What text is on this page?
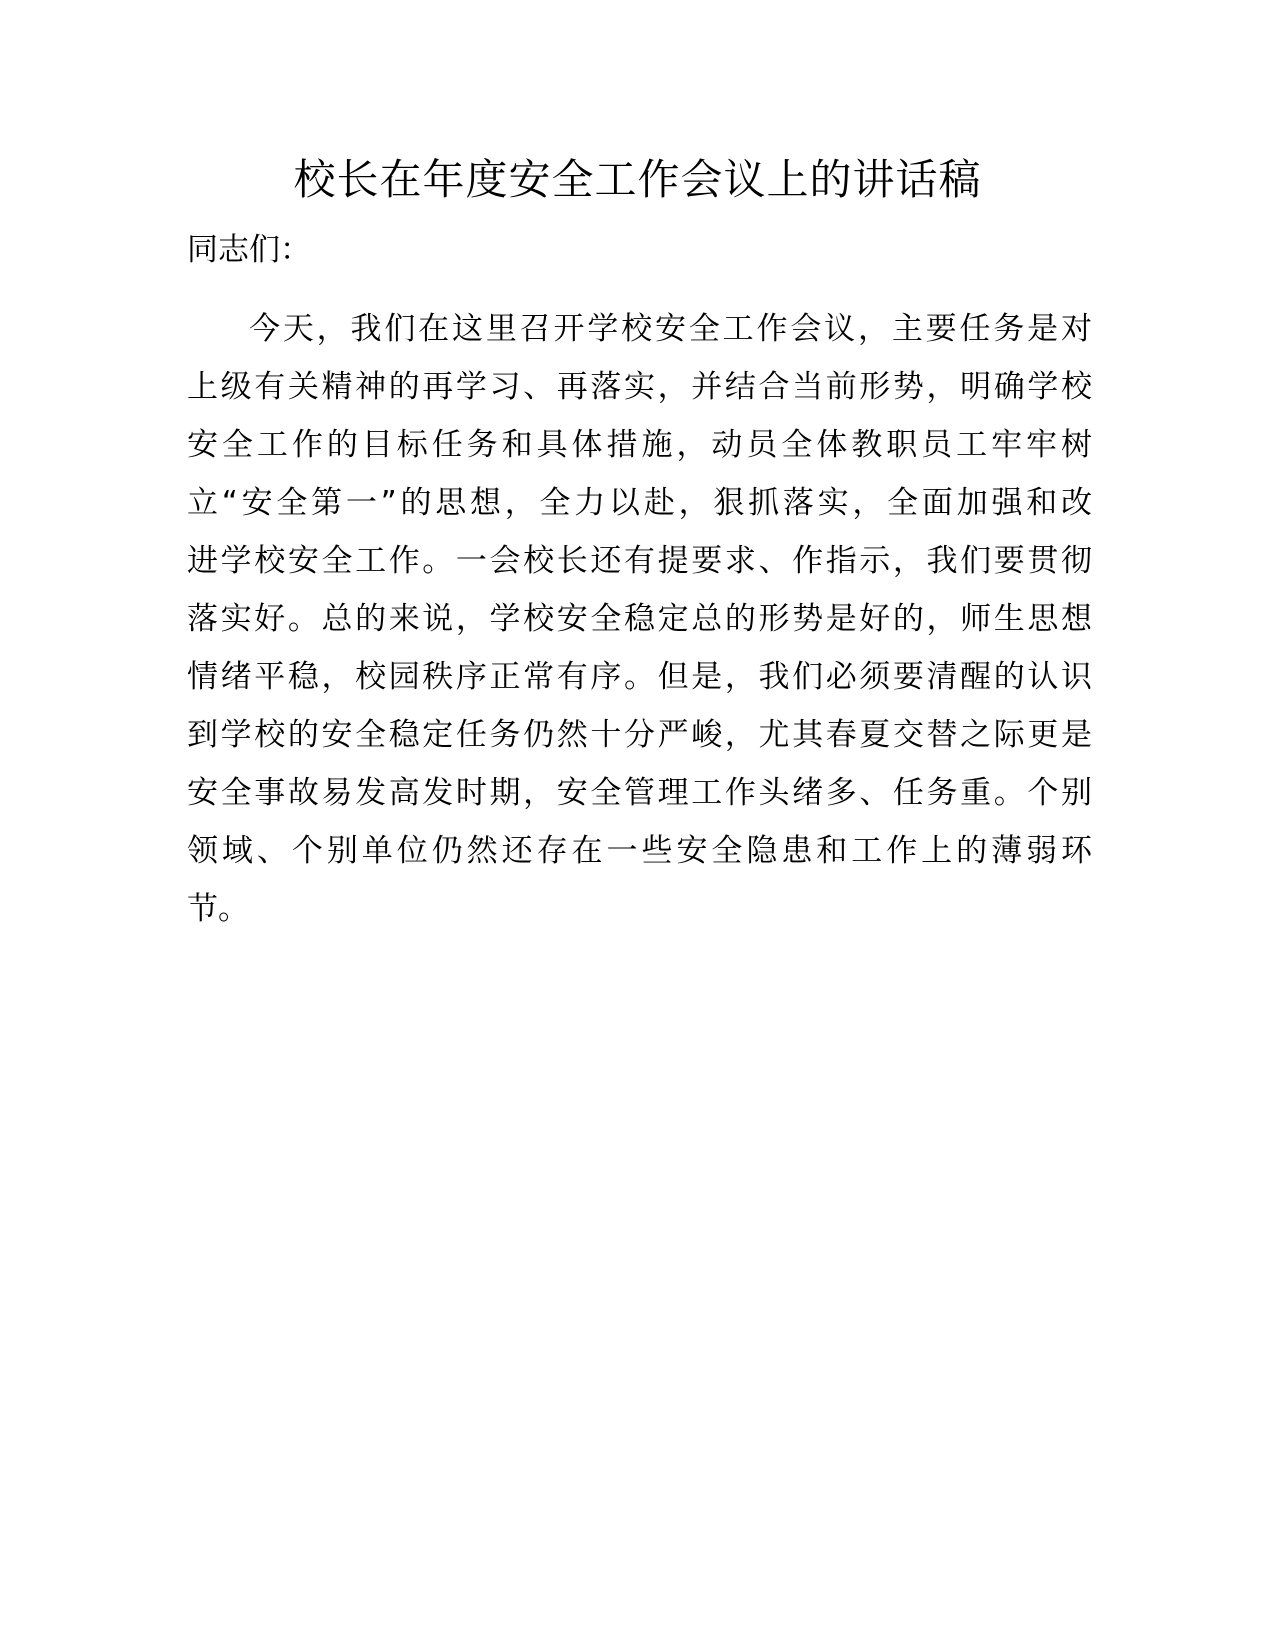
校长在年度安全工作会议上的讲话稿

同志们：

今天，我们在这里召开学校安全工作会议，主要任务是对
上级有关精神的再学习、再落实，并结合当前形势，明确学校
安全工作的目标任务和具体措施，动员全体教职员工牢牢树
立“安全第一”的思想，全力以赴，狠抓落实，全面加强和改
进学校安全工作。一会校长还有提要求、作指示，我们要贯彻
落实好。总的来说，学校安全稳定总的形势是好的，师生思想
情绪平稳，校园秩序正常有序。但是，我们必须要清醒的认识
到学校的安全稳定任务仍然十分严峻，尤其春夏交替之际更是
安全事故易发高发时期，安全管理工作头绪多、任务重。个别
领域、个别单位仍然还存在一些安全隐患和工作上的薄弱环
节。
